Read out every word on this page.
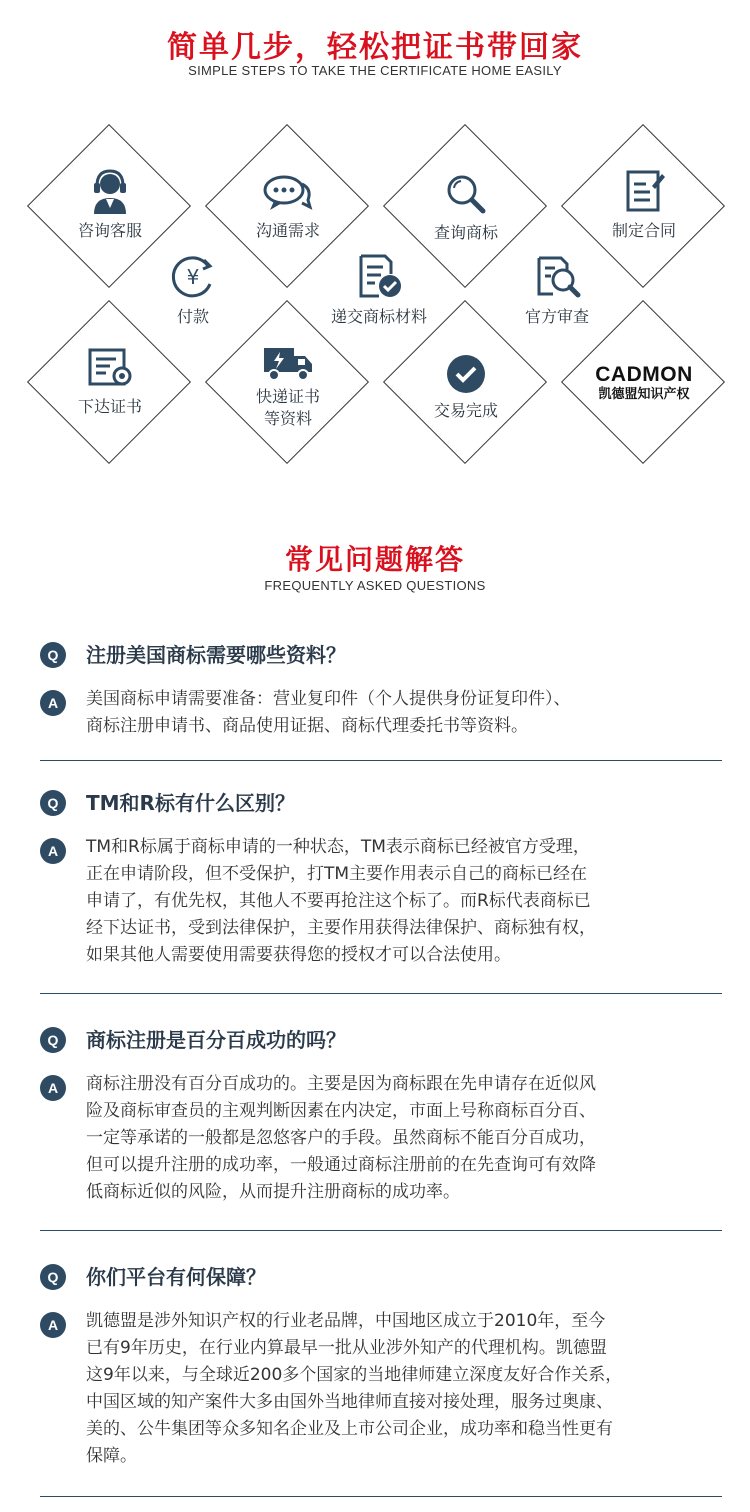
简单几步，轻松把证书带回家
SIMPLE STEPS TO TAKE THE CERTIFICATE HOME EASILY
咨询客服	沟通需求	查询商标	制定合同
¥
付款	递交商标材料	官方审查
下达证书
快递证书
等资料	交易完成
CADMON
凯德盟知识产权
常见问题解答
FREQUENTLY ASKED QUESTIONS
Q	注册美国商标需要哪些资料？
A	美国商标申请需要准备：营业复印件（个人提供身份证复印件）、
商标注册申请书、商品使用证据、商标代理委托书等资料。
Q	TM和R标有什么区别？
A	TM和R标属于商标申请的一种状态，TM表示商标已经被官方受理，
正在申请阶段，但不受保护，打TM主要作用表示自己的商标已经在
申请了，有优先权，其他人不要再抢注这个标了。而R标代表商标已
经下达证书，受到法律保护，主要作用获得法律保护、商标独有权，
如果其他人需要使用需要获得您的授权才可以合法使用。
Q	商标注册是百分百成功的吗？
A	商标注册没有百分百成功的。主要是因为商标跟在先申请存在近似风
险及商标审查员的主观判断因素在内决定，市面上号称商标百分百、
一定等承诺的一般都是忽悠客户的手段。虽然商标不能百分百成功，
但可以提升注册的成功率，一般通过商标注册前的在先查询可有效降
低商标近似的风险，从而提升注册商标的成功率。
Q	你们平台有何保障？
A	凯德盟是涉外知识产权的行业老品牌，中国地区成立于2010年，至今
已有9年历史，在行业内算最早一批从业涉外知产的代理机构。凯德盟
这9年以来，与全球近200多个国家的当地律师建立深度友好合作关系，
中国区域的知产案件大多由国外当地律师直接对接处理，服务过奥康、
美的、公牛集团等众多知名企业及上市公司企业，成功率和稳当性更有
保障。
